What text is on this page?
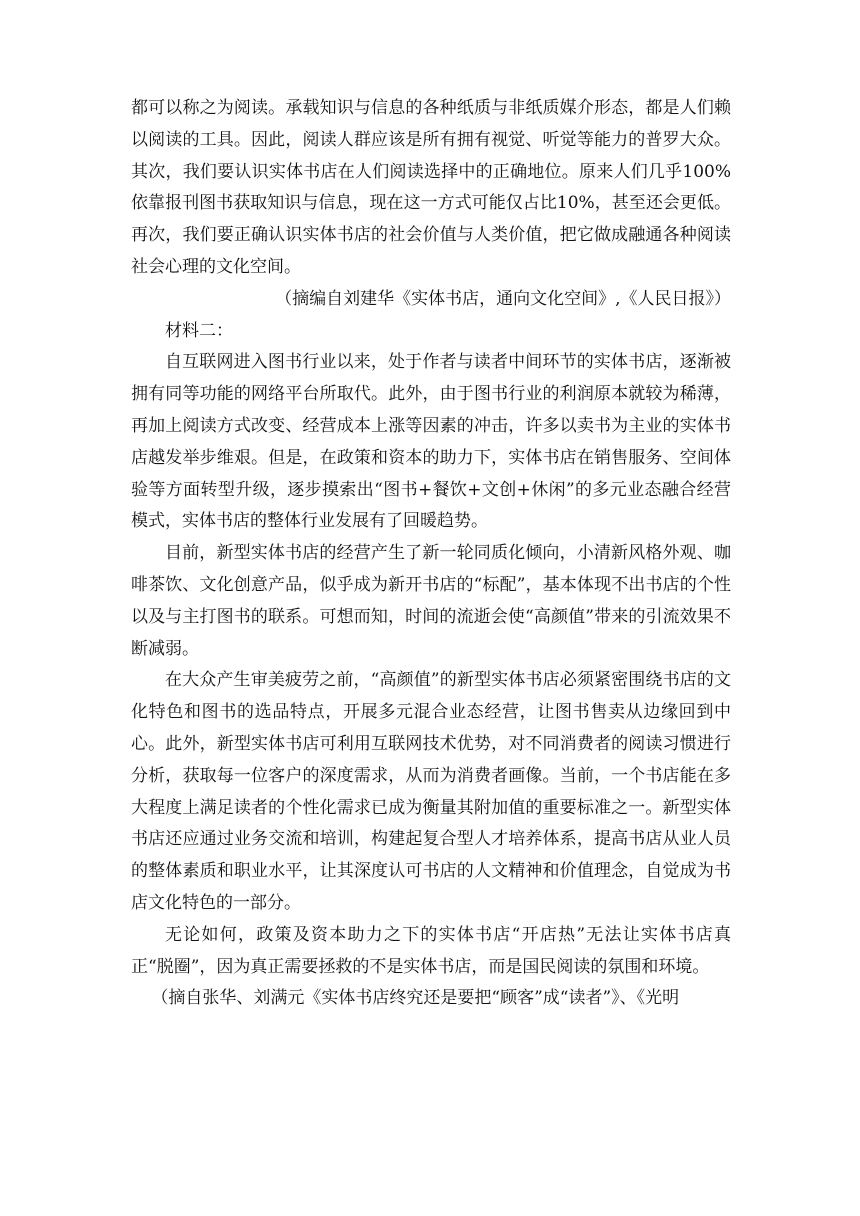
都可以称之为阅读。承载知识与信息的各种纸质与非纸质媒介形态，都是人们赖以阅读的工具。因此，阅读人群应该是所有拥有视觉、听觉等能力的普罗大众。其次，我们要认识实体书店在人们阅读选择中的正确地位。原来人们几乎100%依靠报刊图书获取知识与信息，现在这一方式可能仅占比10%，甚至还会更低。再次，我们要正确认识实体书店的社会价值与人类价值，把它做成融通各种阅读社会心理的文化空间。

（摘编自刘建华《实体书店，通向文化空间》,《人民日报》）

材料二：

自互联网进入图书行业以来，处于作者与读者中间环节的实体书店，逐渐被拥有同等功能的网络平台所取代。此外，由于图书行业的利润原本就较为稀薄，再加上阅读方式改变、经营成本上涨等因素的冲击，许多以卖书为主业的实体书店越发举步维艰。但是，在政策和资本的助力下，实体书店在销售服务、空间体验等方面转型升级，逐步摸索出“图书+餐饮+文创+休闲”的多元业态融合经营模式，实体书店的整体行业发展有了回暖趋势。

目前，新型实体书店的经营产生了新一轮同质化倾向，小清新风格外观、咖啡茶饮、文化创意产品，似乎成为新开书店的“标配”，基本体现不出书店的个性以及与主打图书的联系。可想而知，时间的流逝会使“高颜值”带来的引流效果不断减弱。

在大众产生审美疲劳之前，“高颜值”的新型实体书店必须紧密围绕书店的文化特色和图书的选品特点，开展多元混合业态经营，让图书售卖从边缘回到中心。此外，新型实体书店可利用互联网技术优势，对不同消费者的阅读习惯进行分析，获取每一位客户的深度需求，从而为消费者画像。当前，一个书店能在多大程度上满足读者的个性化需求已成为衡量其附加值的重要标准之一。新型实体书店还应通过业务交流和培训，构建起复合型人才培养体系，提高书店从业人员的整体素质和职业水平，让其深度认可书店的人文精神和价值理念，自觉成为书店文化特色的一部分。

无论如何，政策及资本助力之下的实体书店“开店热”无法让实体书店真正“脱圈”，因为真正需要拯救的不是实体书店，而是国民阅读的氛围和环境。

（摘自张华、刘满元《实体书店终究还是要把“顾客”成“读者”》、《光明
